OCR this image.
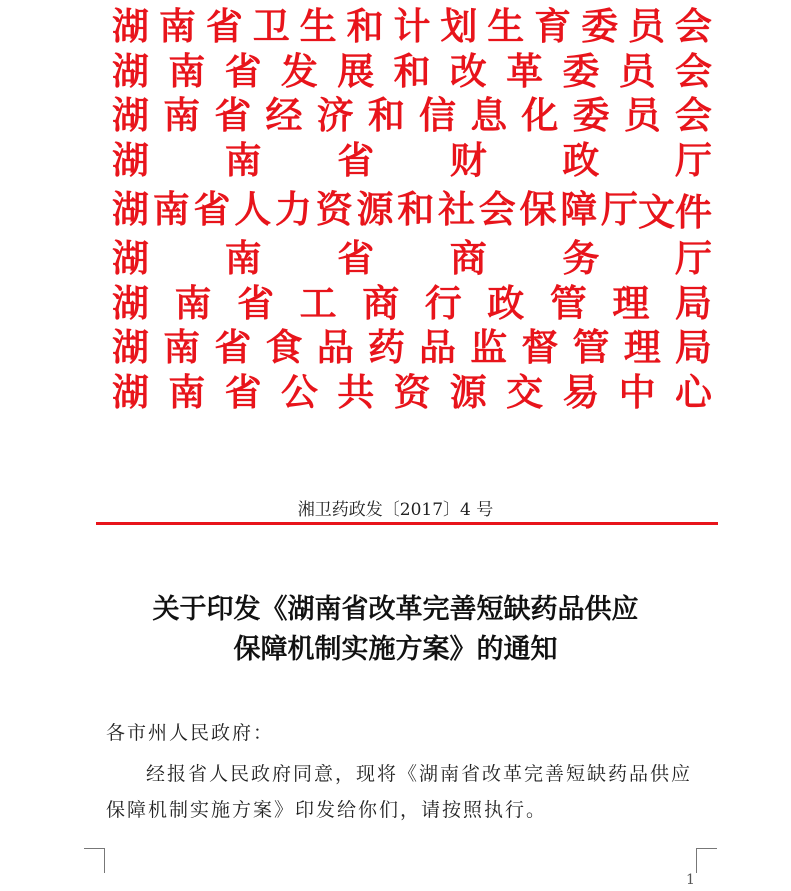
湖 南 省 卫 生 和 计 划 生 育 委 员 会
湖 南 省 发 展 和 改 革 委 员 会
湖 南 省 经 济 和 信 息 化 委 员 会
湖 南 省 财 政 厅
湖 南 省 人 力 资 源 和 社 会 保 障 厅 文件
湖 南 省 商 务 厅
湖 南 省 工 商 行 政 管 理 局
湖 南 省 食 品 药 品 监 督 管 理 局
湖 南 省 公 共 资 源 交 易 中 心
湘卫药政发〔2017〕4 号
关于印发《湖南省改革完善短缺药品供应
保障机制实施方案》的通知
各市州人民政府：
经报省人民政府同意，现将《湖南省改革完善短缺药品供应保障机制实施方案》印发给你们，请按照执行。
1
